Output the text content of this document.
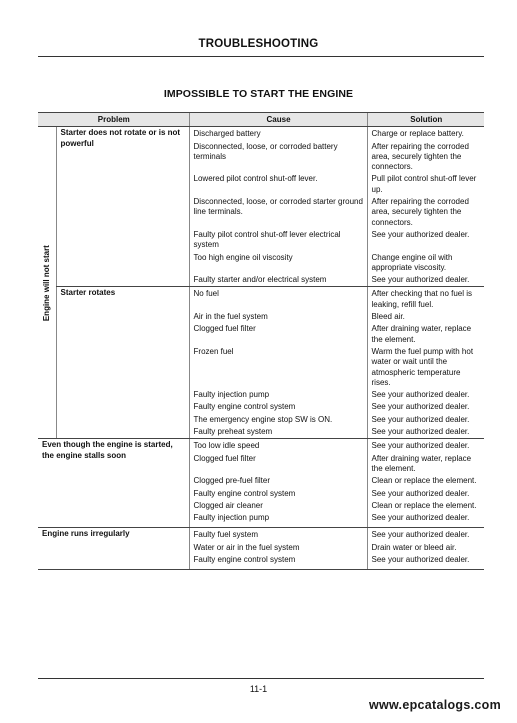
TROUBLESHOOTING
IMPOSSIBLE TO START THE ENGINE
Problem		Cause	Solution

Engine will not start	Starter does not rotate or is not powerful	Discharged battery	Charge or replace battery.
		Disconnected, loose, or corroded battery terminals	After repairing the corroded area, securely tighten the connectors.
		Lowered pilot control shut-off lever.	Pull pilot control shut-off lever up.
		Disconnected, loose, or corroded starter ground line terminals.	After repairing the corroded area, securely tighten the connectors.
		Faulty pilot control shut-off lever electrical system	See your authorized dealer.
		Too high engine oil viscosity	Change engine oil with appropriate viscosity.
		Faulty starter and/or electrical system	See your authorized dealer.
	Starter rotates	No fuel	After checking that no fuel is leaking, refill fuel.
		Air in the fuel system	Bleed air.
		Clogged fuel filter	After draining water, replace the element.
		Frozen fuel	Warm the fuel pump with hot water or wait until the atmospheric temperature rises.
		Faulty injection pump	See your authorized dealer.
		Faulty engine control system	See your authorized dealer.
		The emergency engine stop SW is ON.	See your authorized dealer.
		Faulty preheat system	See your authorized dealer.
Even though the engine is started, the engine stalls soon		Too low idle speed	See your authorized dealer.
		Clogged fuel filter	After draining water, replace the element.
		Clogged pre-fuel filter	Clean or replace the element.
		Faulty engine control system	See your authorized dealer.
		Clogged air cleaner	Clean or replace the element.
		Faulty injection pump	See your authorized dealer.
Engine runs irregularly		Faulty fuel system	See your authorized dealer.
		Water or air in the fuel system	Drain water or bleed air.
		Faulty engine control system	See your authorized dealer.
11-1
www.epcatalogs.com
